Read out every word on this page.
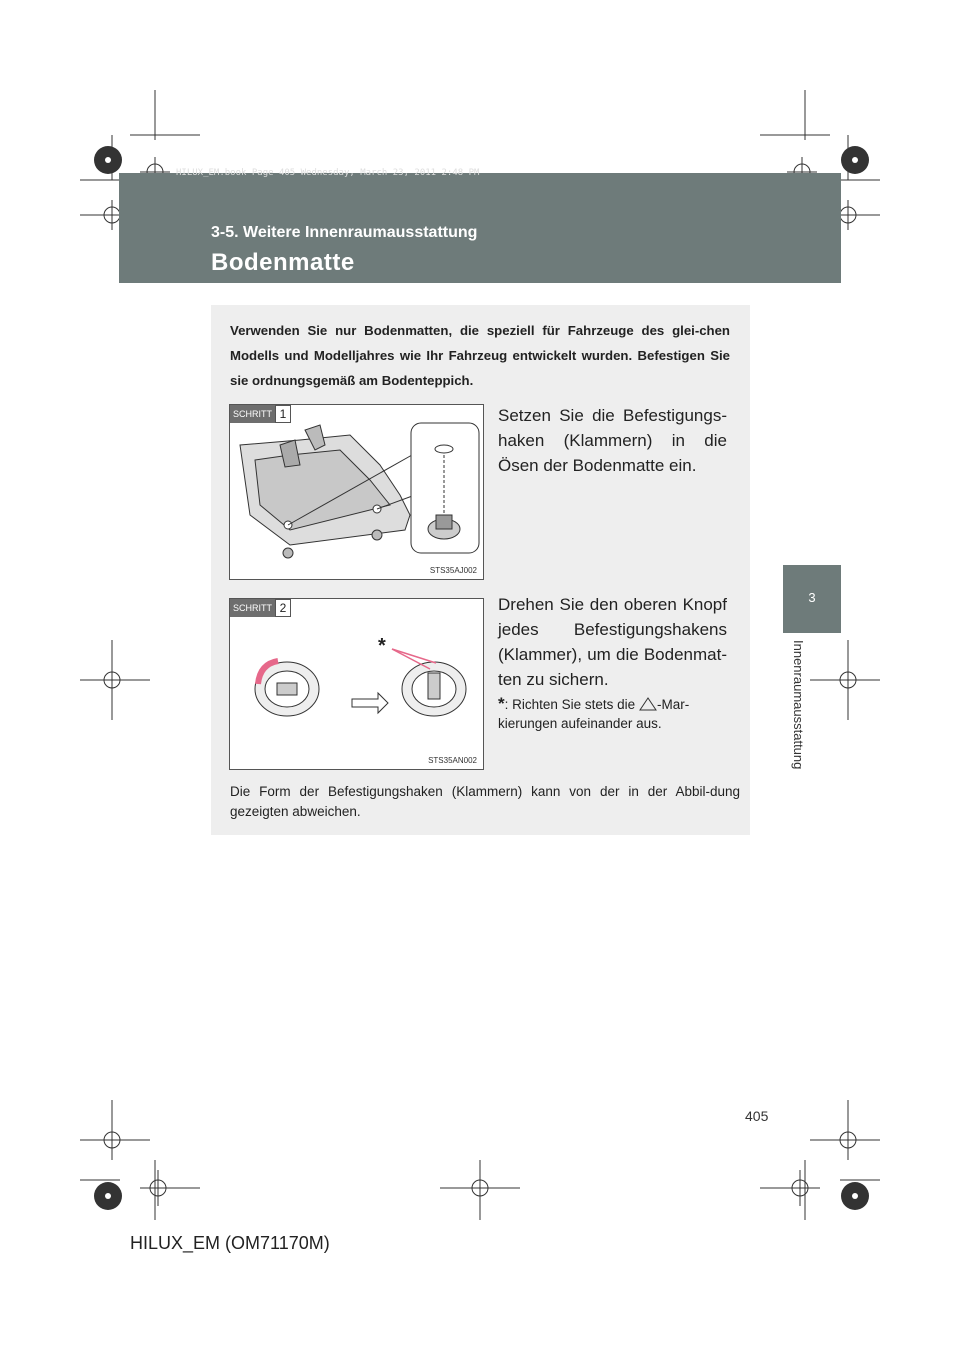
HILUX_EM.book Page 405 Wednesday, March 23, 2011 2:48 PM
3-5. Weitere Innenraumausstattung
Bodenmatte
3
Innenraumausstattung
Verwenden Sie nur Bodenmatten, die speziell für Fahrzeuge des glei-chen Modells und Modelljahres wie Ihr Fahrzeug entwickelt wurden. Befestigen Sie sie ordnungsgemäß am Bodenteppich.
SCHRITT 1
STS35AJ002
Setzen Sie die Befestigungs-haken (Klammern) in die Ösen der Bodenmatte ein.
SCHRITT 2
*
STS35AN002
Drehen Sie den oberen Knopf jedes Befestigungshakens (Klammer), um die Bodenmat-ten zu sichern.
*: Richten Sie stets die -Mar-kierungen aufeinander aus.
Die Form der Befestigungshaken (Klammern) kann von der in der Abbil-dung gezeigten abweichen.
405
HILUX_EM (OM71170M)
